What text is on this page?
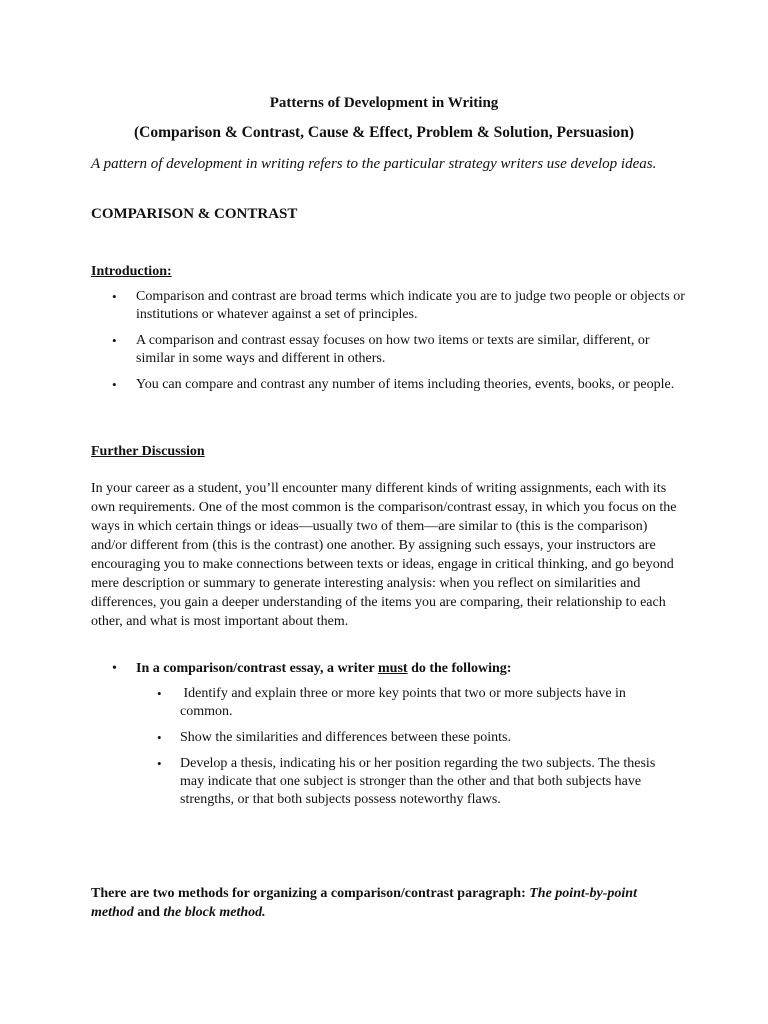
Patterns of Development in Writing
(Comparison & Contrast, Cause & Effect, Problem & Solution, Persuasion)
A pattern of development in writing refers to the particular strategy writers use develop ideas.
COMPARISON & CONTRAST
Introduction:
• Comparison and contrast are broad terms which indicate you are to judge two people or objects or institutions or whatever against a set of principles.
• A comparison and contrast essay focuses on how two items or texts are similar, different, or similar in some ways and different in others.
• You can compare and contrast any number of items including theories, events, books, or people.
Further Discussion
In your career as a student, you’ll encounter many different kinds of writing assignments, each with its own requirements. One of the most common is the comparison/contrast essay, in which you focus on the ways in which certain things or ideas—usually two of them—are similar to (this is the comparison) and/or different from (this is the contrast) one another. By assigning such essays, your instructors are encouraging you to make connections between texts or ideas, engage in critical thinking, and go beyond mere description or summary to generate interesting analysis: when you reflect on similarities and differences, you gain a deeper understanding of the items you are comparing, their relationship to each other, and what is most important about them.
• In a comparison/contrast essay, a writer must do the following:
• Identify and explain three or more key points that two or more subjects have in common.
• Show the similarities and differences between these points.
• Develop a thesis, indicating his or her position regarding the two subjects. The thesis may indicate that one subject is stronger than the other and that both subjects have
strengths, or that both subjects possess noteworthy flaws.
There are two methods for organizing a comparison/contrast paragraph: The point-by-point method and the block method.
